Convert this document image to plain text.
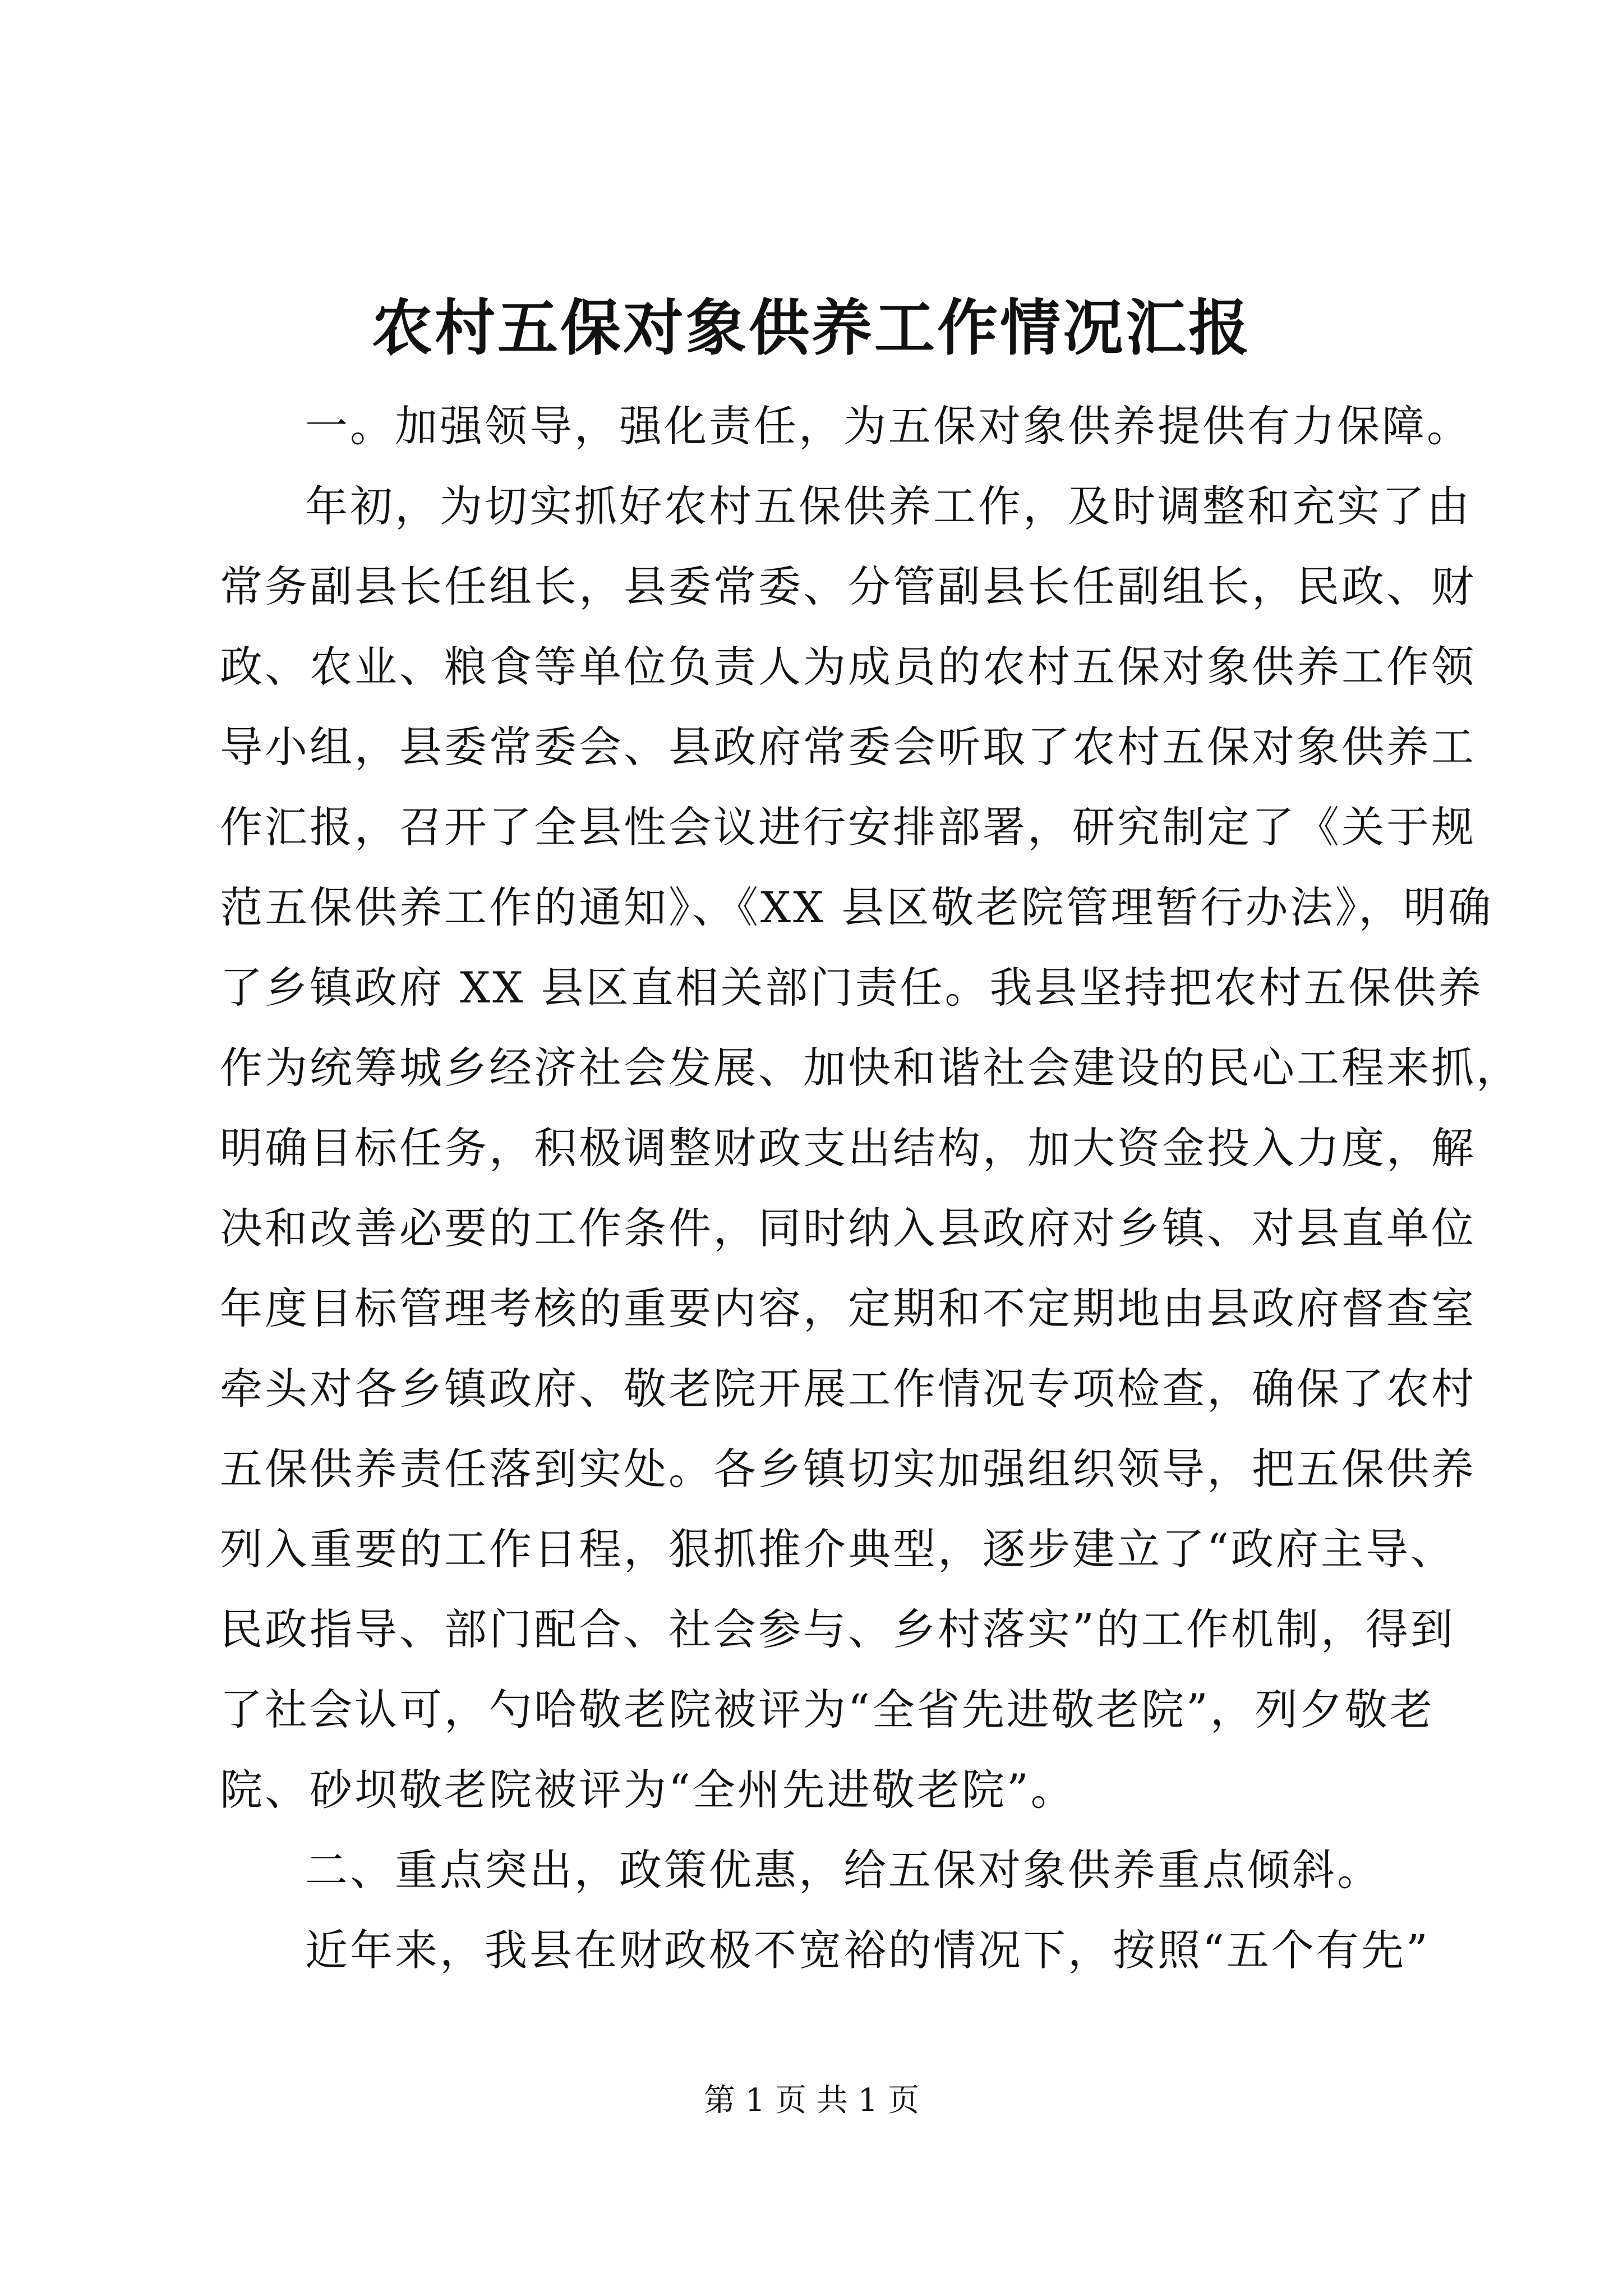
农村五保对象供养工作情况汇报
一。加强领导，强化责任，为五保对象供养提供有力保障。
年初，为切实抓好农村五保供养工作，及时调整和充实了由
常务副县长任组长，县委常委、分管副县长任副组长，民政、财
政、农业、粮食等单位负责人为成员的农村五保对象供养工作领
导小组，县委常委会、县政府常委会听取了农村五保对象供养工
作汇报，召开了全县性会议进行安排部署，研究制定了《关于规
范五保供养工作的通知》、《XX 县区敬老院管理暂行办法》，明确
了乡镇政府 XX 县区直相关部门责任。我县坚持把农村五保供养
作为统筹城乡经济社会发展、加快和谐社会建设的民心工程来抓，
明确目标任务，积极调整财政支出结构，加大资金投入力度，解
决和改善必要的工作条件，同时纳入县政府对乡镇、对县直单位
年度目标管理考核的重要内容，定期和不定期地由县政府督查室
牵头对各乡镇政府、敬老院开展工作情况专项检查，确保了农村
五保供养责任落到实处。各乡镇切实加强组织领导，把五保供养
列入重要的工作日程，狠抓推介典型，逐步建立了“政府主导、
民政指导、部门配合、社会参与、乡村落实”的工作机制，得到
了社会认可，勺哈敬老院被评为“全省先进敬老院”，列夕敬老
院、砂坝敬老院被评为“全州先进敬老院”。
二、重点突出，政策优惠，给五保对象供养重点倾斜。
近年来，我县在财政极不宽裕的情况下，按照“五个有先”
第 1 页 共 1 页
